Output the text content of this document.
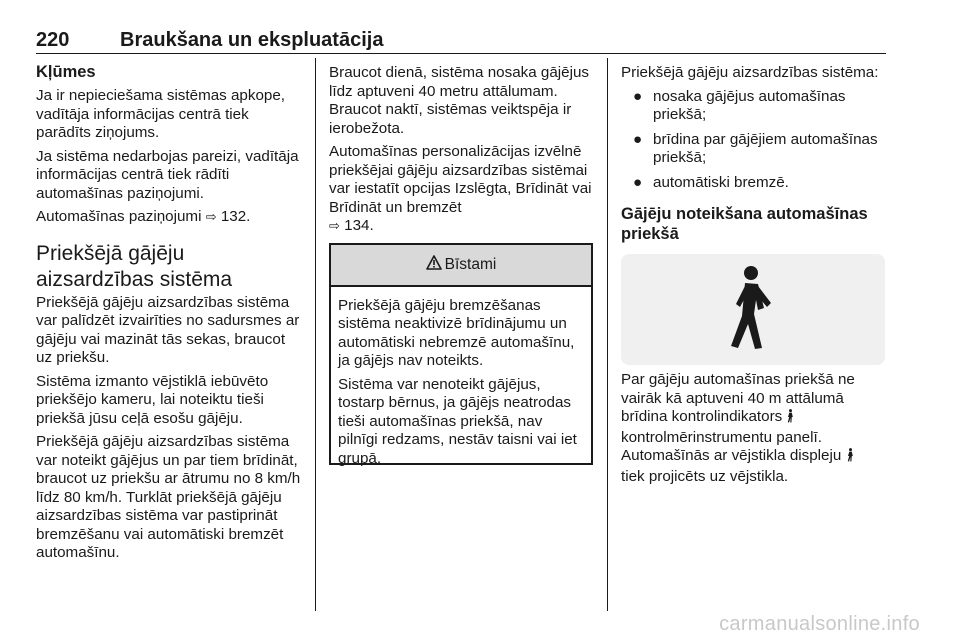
220	Braukšana un ekspluatācija
Kļūmes

Ja ir nepieciešama sistēmas apkope, vadītāja informācijas centrā tiek parādīts ziņojums.

Ja sistēma nedarbojas pareizi, vadītāja informācijas centrā tiek rādīti automašīnas paziņojumi.

Automašīnas paziņojumi ⇨ 132.

Priekšējā gājēju
aizsardzības sistēma

Priekšējā gājēju aizsardzības sistēma var palīdzēt izvairīties no sadursmes ar gājēju vai mazināt tās sekas, braucot uz priekšu.

Sistēma izmanto vējstiklā iebūvēto priekšējo kameru, lai noteiktu tieši priekšā jūsu ceļā esošu gājēju.

Priekšējā gājēju aizsardzības sistēma var noteikt gājējus un par tiem brīdināt, braucot uz priekšu ar ātrumu no 8 km/h līdz 80 km/h. Turklāt priekšējā gājēju aizsardzības sistēma var pastiprināt bremzēšanu vai automātiski bremzēt automašīnu.

Braucot dienā, sistēma nosaka gājējus līdz aptuveni 40 metru attālumam. Braucot naktī, sistēmas veiktspēja ir ierobežota.

Automašīnas personalizācijas izvēlnē priekšējai gājēju aizsardzības sistēmai var iestatīt opcijas Izslēgta, Brīdināt vai Brīdināt un bremzēt
⇨ 134.

Bīstami

Priekšējā gājēju bremzēšanas sistēma neaktivizē brīdinājumu un automātiski nebremzē automašīnu, ja gājējs nav noteikts.

Sistēma var nenoteikt gājējus, tostarp bērnus, ja gājējs neatrodas tieši automašīnas priekšā, nav pilnīgi redzams, nestāv taisni vai iet grupā.

Priekšējā gājēju aizsardzības sistēma:

● nosaka gājējus automašīnas priekšā;
● brīdina par gājējiem automašīnas priekšā;
● automātiski bremzē.
Gājēju noteikšana automašīnas priekšā

Par gājēju automašīnas priekšā ne vairāk kā aptuveni 40 m attālumā brīdina kontrolindikators
kontrolmērinstrumentu panelī. Automašīnās ar vējstikla displeju
tiek projicēts uz vējstikla.

carmanualsonline.info
